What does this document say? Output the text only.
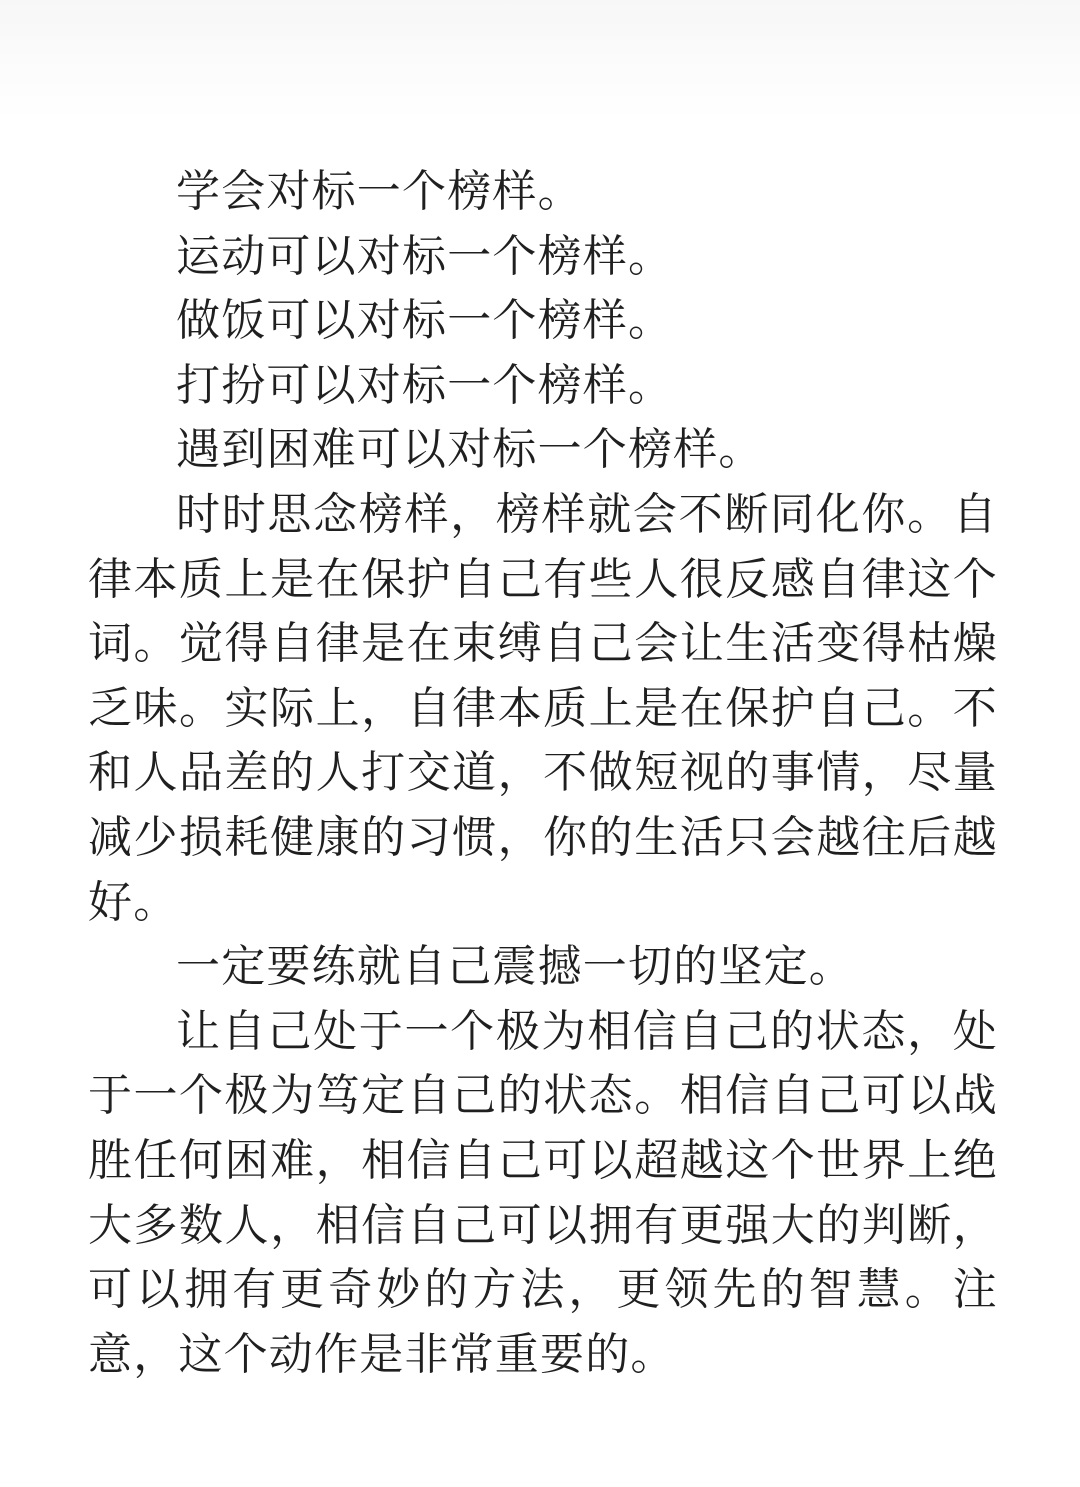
学会对标一个榜样。

运动可以对标一个榜样。

做饭可以对标一个榜样。

打扮可以对标一个榜样。

遇到困难可以对标一个榜样。

时时思念榜样，榜样就会不断同化你。自律本质上是在保护自己有些人很反感自律这个词。觉得自律是在束缚自己会让生活变得枯燥乏味。实际上，自律本质上是在保护自己。不和人品差的人打交道，不做短视的事情，尽量减少损耗健康的习惯，你的生活只会越往后越好。

一定要练就自己震撼一切的坚定。

让自己处于一个极为相信自己的状态，处于一个极为笃定自己的状态。相信自己可以战胜任何困难，相信自己可以超越这个世界上绝大多数人，相信自己可以拥有更强大的判断，可以拥有更奇妙的方法，更领先的智慧。注意，这个动作是非常重要的。
